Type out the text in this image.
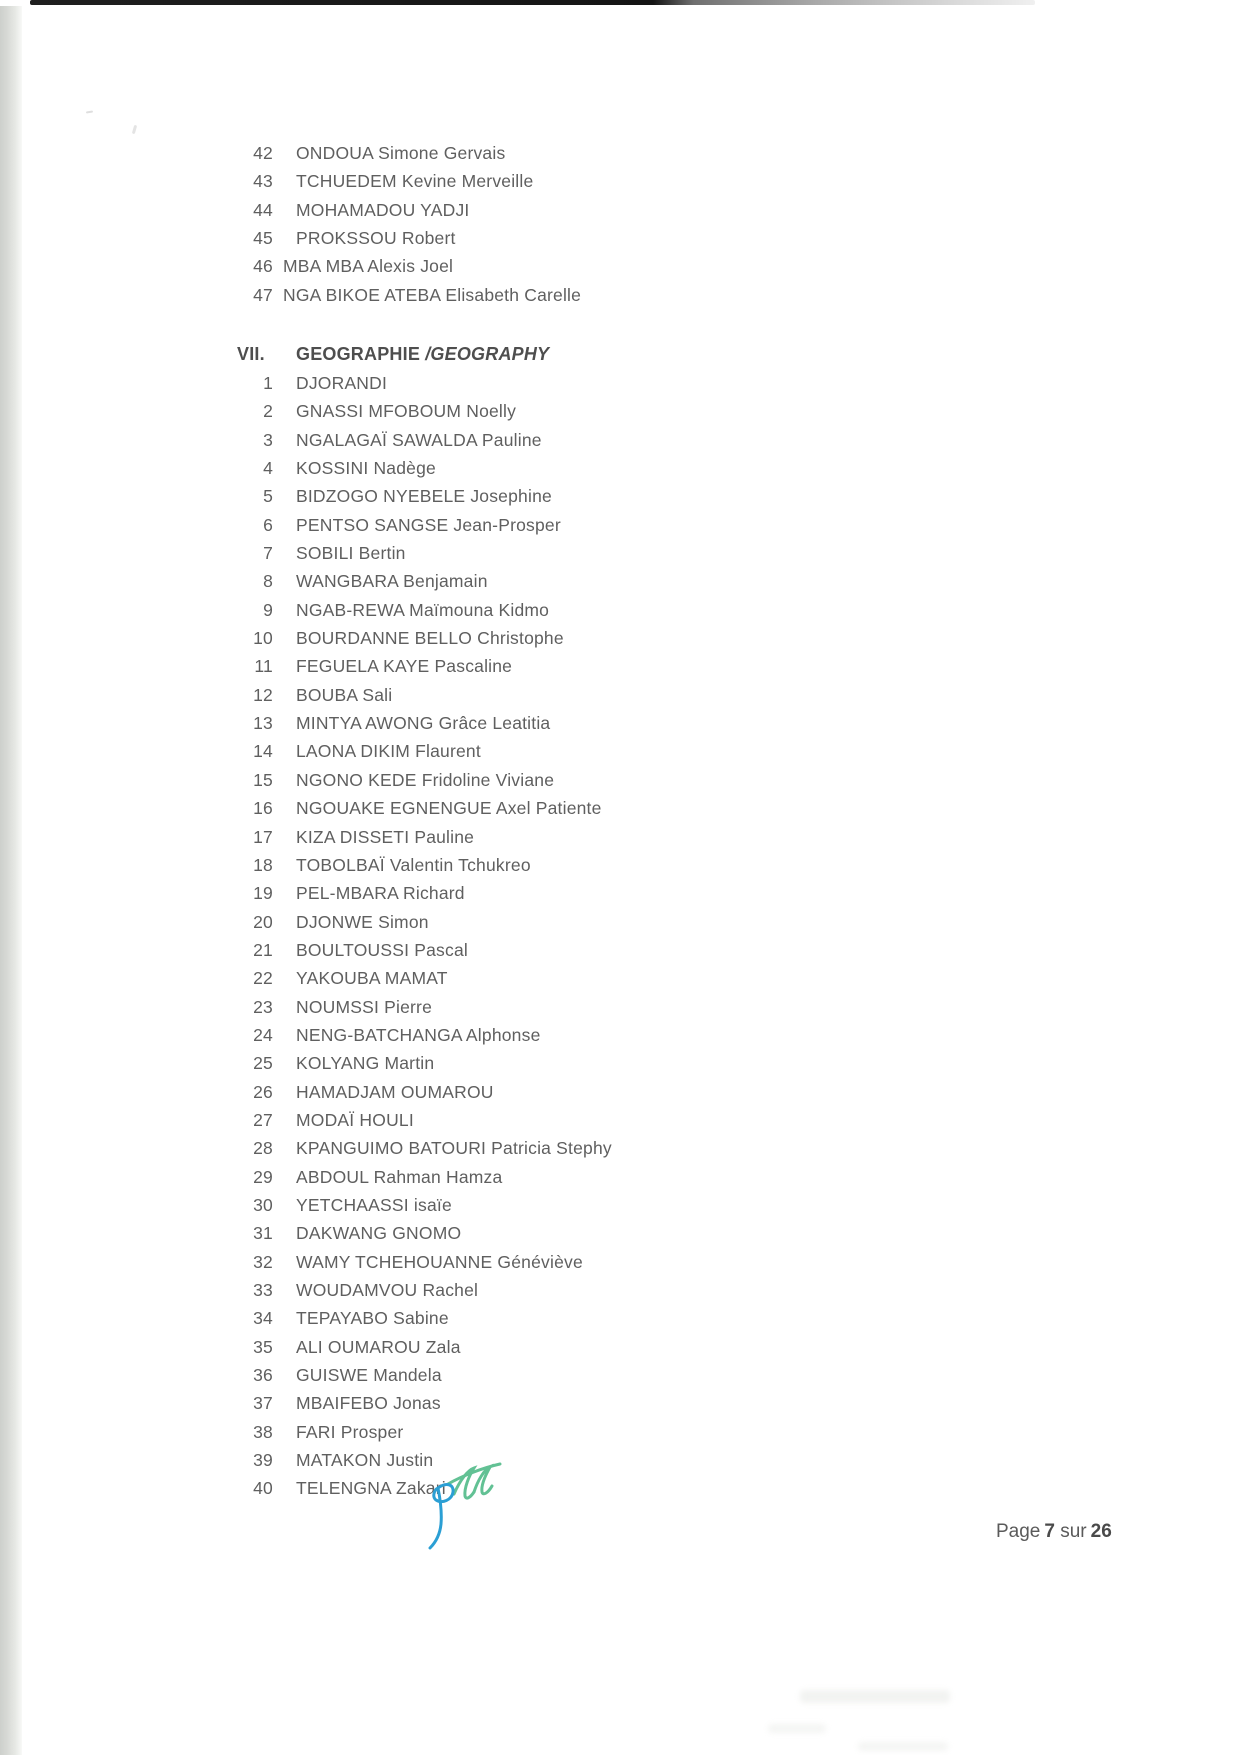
42 ONDOUA Simone Gervais
43 TCHUEDEM Kevine Merveille
44 MOHAMADOU YADJI
45 PROKSSOU Robert
46 MBA MBA Alexis Joel
47 NGA BIKOE ATEBA Elisabeth Carelle
VII. GEOGRAPHIE /GEOGRAPHY
1 DJORANDI
2 GNASSI MFOBOUM Noelly
3 NGALAGAÏ SAWALDA Pauline
4 KOSSINI Nadège
5 BIDZOGO NYEBELE Josephine
6 PENTSO SANGSE Jean-Prosper
7 SOBILI Bertin
8 WANGBARA Benjamain
9 NGAB-REWA Maïmouna Kidmo
10 BOURDANNE BELLO Christophe
11 FEGUELA KAYE Pascaline
12 BOUBA Sali
13 MINTYA AWONG Grâce Leatitia
14 LAONA DIKIM Flaurent
15 NGONO KEDE Fridoline Viviane
16 NGOUAKE EGNENGUE Axel Patiente
17 KIZA DISSETI Pauline
18 TOBOLBAÏ Valentin Tchukreo
19 PEL-MBARA Richard
20 DJONWE Simon
21 BOULTOUSSI Pascal
22 YAKOUBA MAMAT
23 NOUMSSI Pierre
24 NENG-BATCHANGA Alphonse
25 KOLYANG Martin
26 HAMADJAM OUMAROU
27 MODAÏ HOULI
28 KPANGUIMO BATOURI Patricia Stephy
29 ABDOUL Rahman Hamza
30 YETCHAASSI isaïe
31 DAKWANG GNOMO
32 WAMY TCHEHOUANNE Généviève
33 WOUDAMVOU Rachel
34 TEPAYABO Sabine
35 ALI OUMAROU Zala
36 GUISWE Mandela
37 MBAIFEBO Jonas
38 FARI Prosper
39 MATAKON Justin
40 TELENGNA Zakari
Page 7 sur 26
